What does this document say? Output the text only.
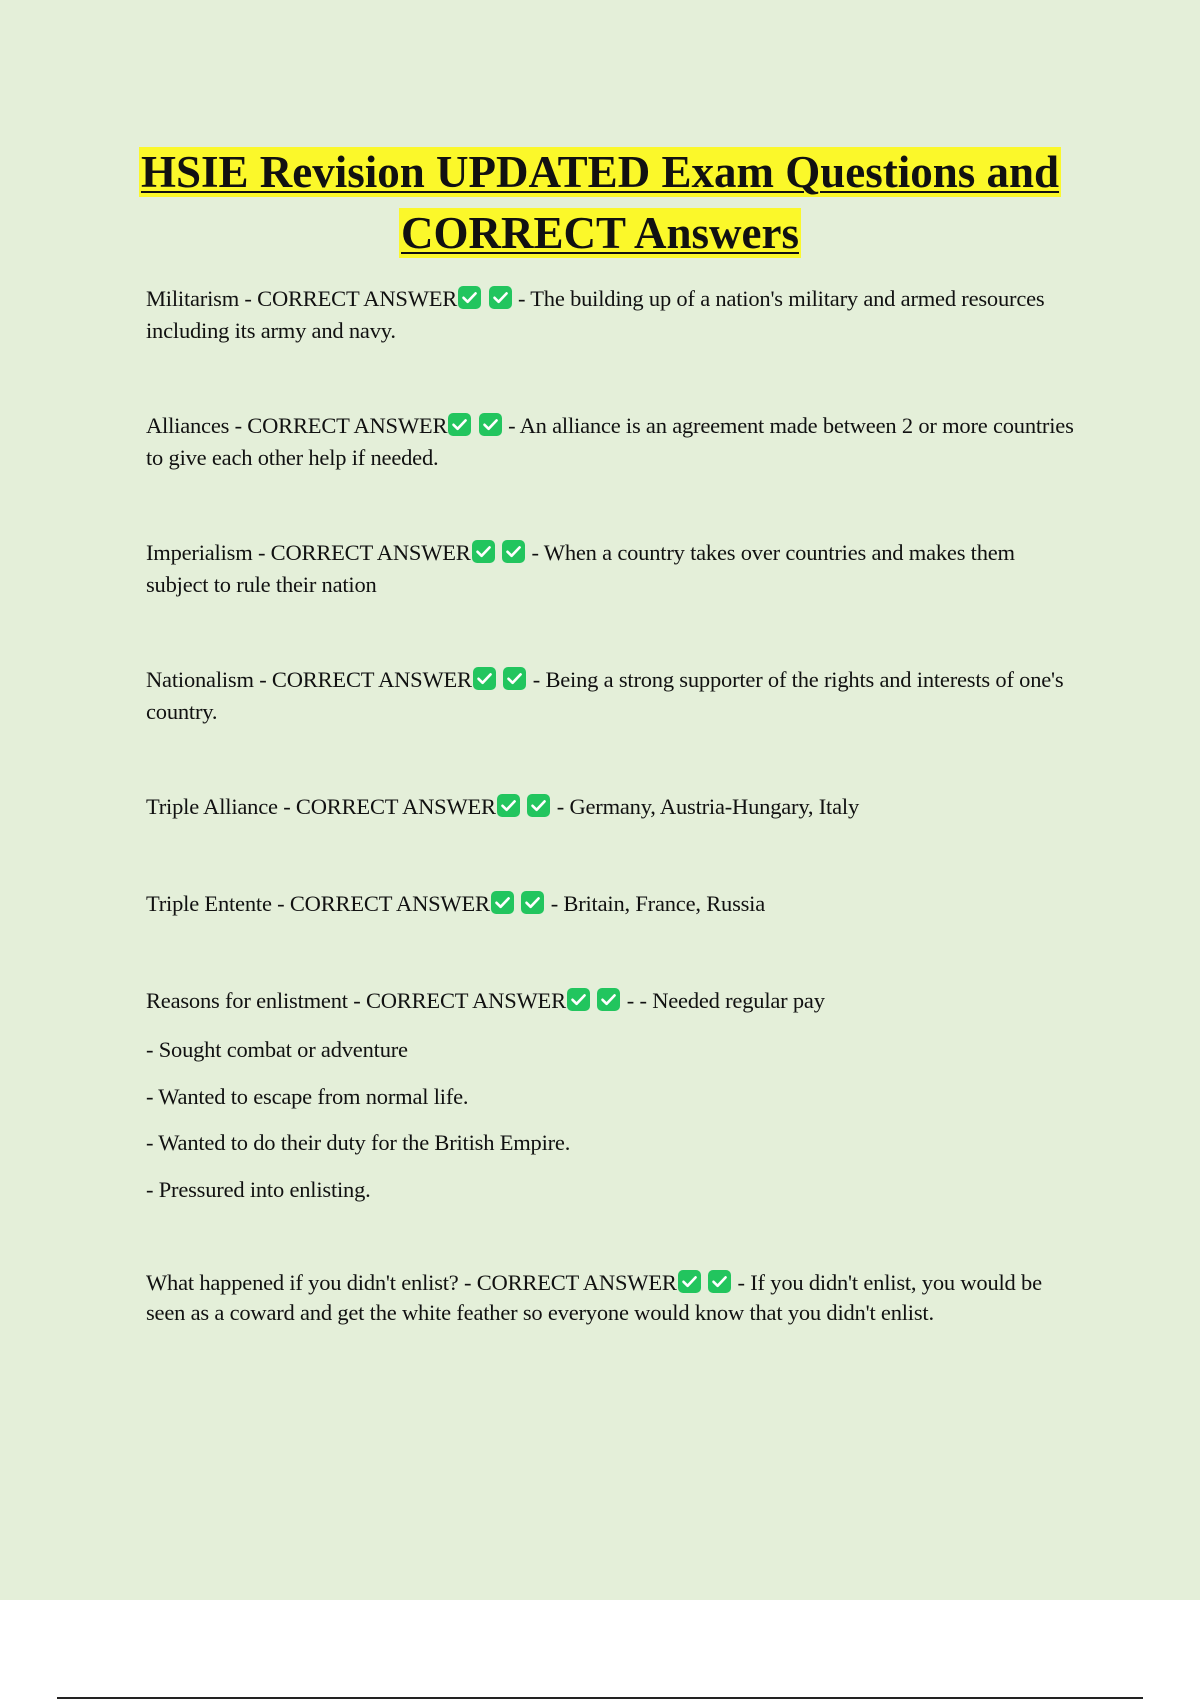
HSIE Revision UPDATED Exam Questions and CORRECT Answers

Militarism - CORRECT ANSWER

- The building up of a nation's military and armed resources including its army and navy.

Alliances - CORRECT ANSWER

- An alliance is an agreement made between 2 or more countries to give each other help if needed.

Imperialism - CORRECT ANSWER

- When a country takes over countries and makes them subject to rule their nation

Nationalism - CORRECT ANSWER

- Being a strong supporter of the rights and interests of one's country.

Triple Alliance - CORRECT ANSWER

- Germany, Austria-Hungary, Italy

Triple Entente - CORRECT ANSWER

- Britain, France, Russia

Reasons for enlistment - CORRECT ANSWER

- - Needed regular pay

- Sought combat or adventure

- Wanted to escape from normal life.

- Wanted to do their duty for the British Empire.

- Pressured into enlisting.

What happened if you didn't enlist? - CORRECT ANSWER

- If you didn't enlist, you would be seen as a coward and get the white feather so everyone would know that you didn't enlist.
